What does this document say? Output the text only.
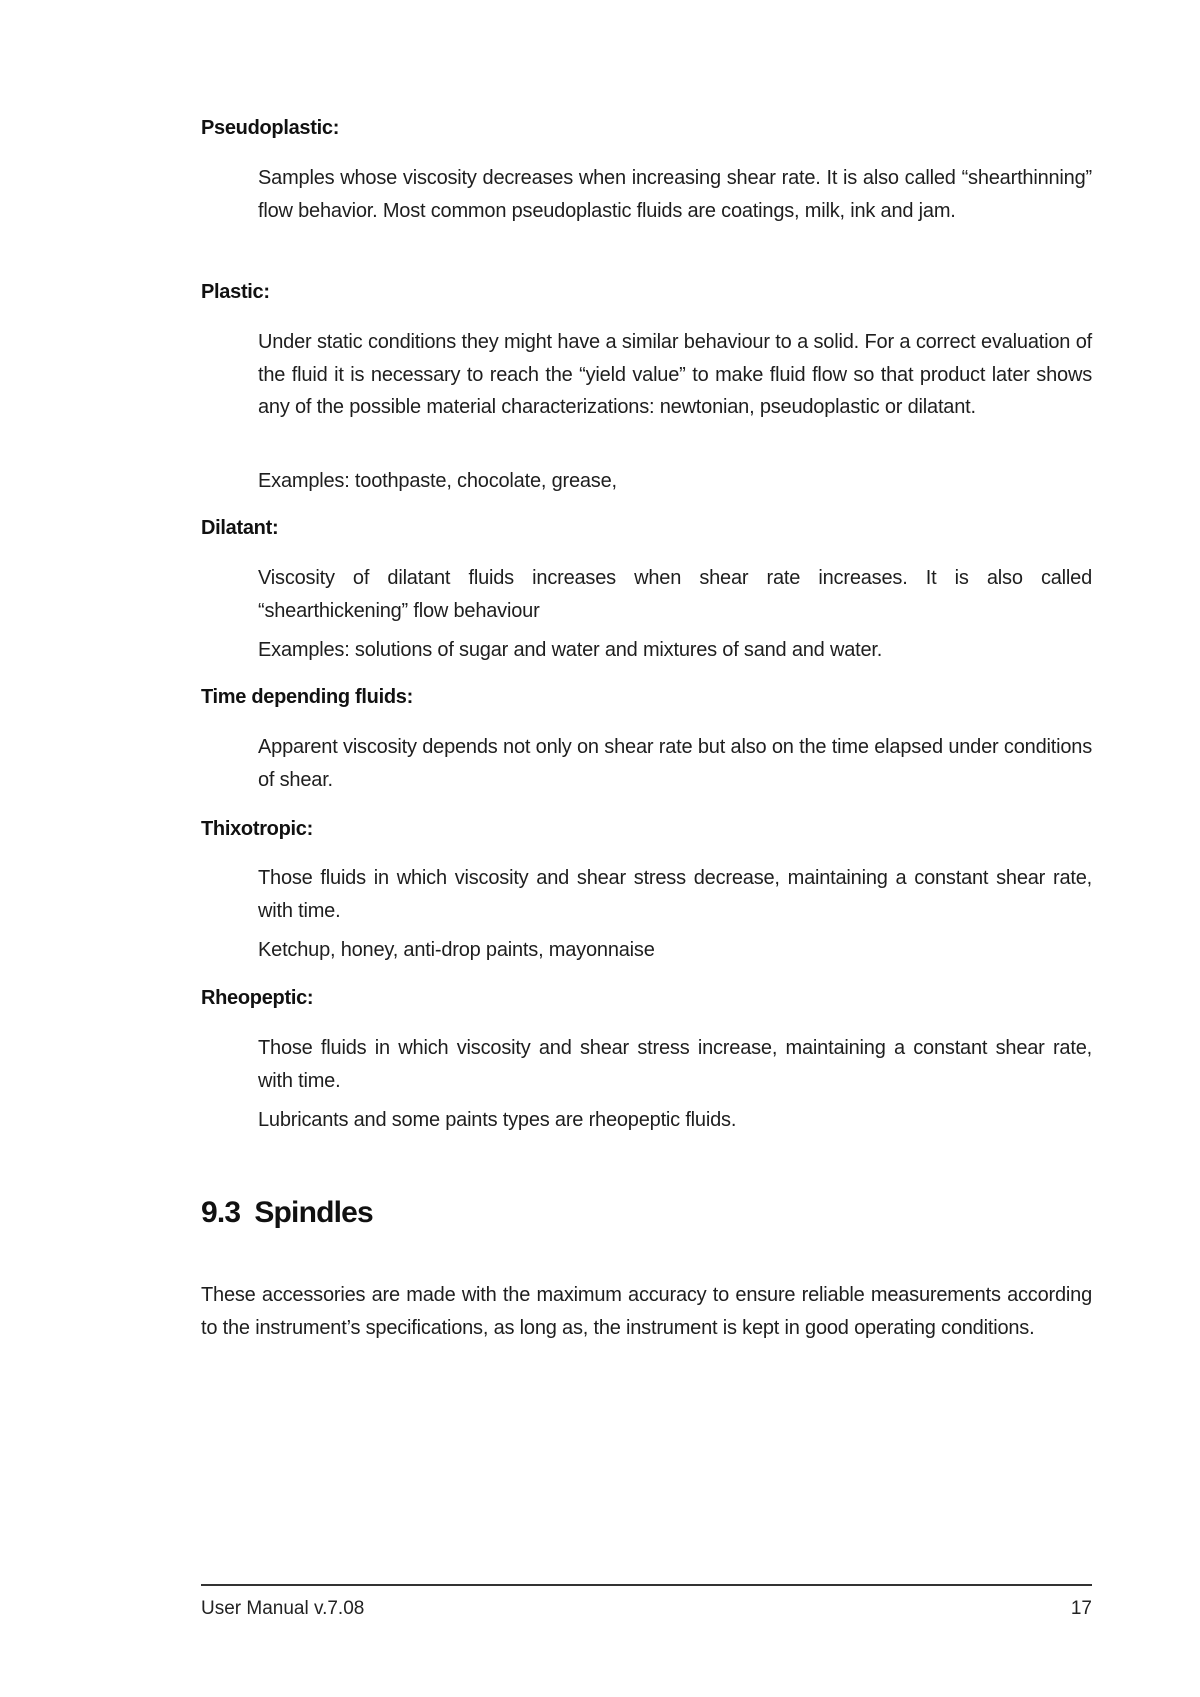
Pseudoplastic:
Samples whose viscosity decreases when increasing shear rate. It is also called “shearthinning” flow behavior. Most common pseudoplastic fluids are coatings, milk, ink and jam.
Plastic:
Under static conditions they might have a similar behaviour to a solid. For a correct evaluation of the fluid it is necessary to reach the “yield value” to make fluid flow so that product later shows any of the possible material characterizations: newtonian, pseudoplastic or dilatant.
Examples: toothpaste, chocolate, grease,
Dilatant:
Viscosity of dilatant fluids increases when shear rate increases. It is also called “shearthickening” flow behaviour
Examples: solutions of sugar and water and mixtures of sand and water.
Time depending fluids:
Apparent viscosity depends not only on shear rate but also on the time elapsed under conditions of shear.
Thixotropic:
Those fluids in which viscosity and shear stress decrease, maintaining a constant shear rate, with time.
Ketchup, honey, anti-drop paints, mayonnaise
Rheopeptic:
Those fluids in which viscosity and shear stress increase, maintaining a constant shear rate, with time.
Lubricants and some paints types are rheopeptic fluids.
9.3 Spindles
These accessories are made with the maximum accuracy to ensure reliable measurements according to the instrument’s specifications, as long as, the instrument is kept in good operating conditions.
User Manual v.7.08	17
